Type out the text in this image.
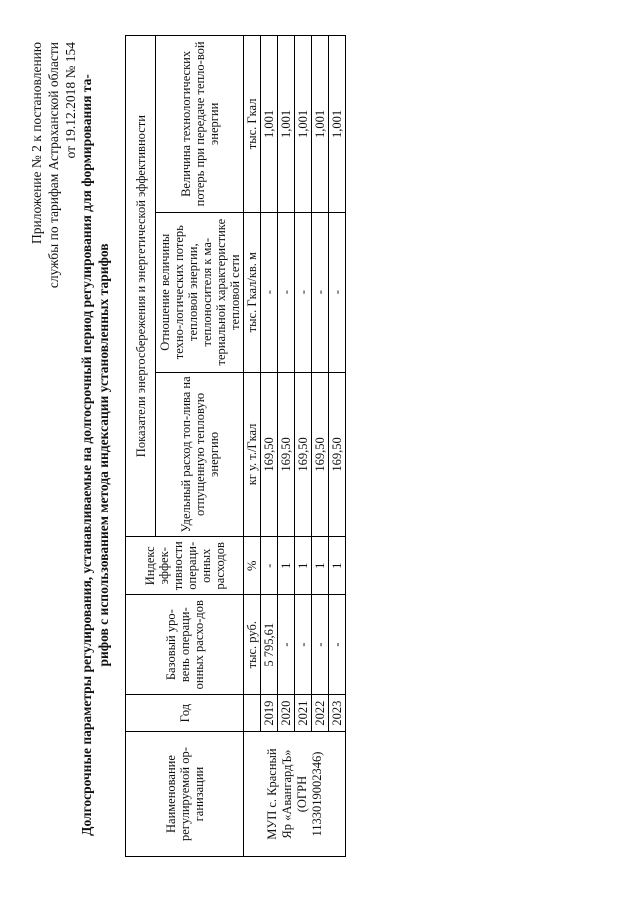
Приложение № 2 к постановлению службы по тарифам Астраханской области от 19.12.2018 № 154 Долгосрочные параметры регулирования, устанавливаемые на долгосрочный период регулирования для формирования та- рифов с использованием метода индексации установленных тарифов
Наименование регулируемой ор-ганизации	Год	Базовый уро-вень операци-онных расхо-дов	Индекс эффек-тивности операци-онных расходов	Показатели энергосбережения и энергетической эффективности		
				Удельный расход топ-лива на отпущенную тепловую энергию	Отношение величины техно-логических потерь тепловой энергии, теплоносителя к ма-териальной характеристике тепловой сети	Величина технологических потерь при передаче тепло-вой энергии

МУП с. Красный Яр «АвангардЪ» (ОГРН 1133019002346)		тыс. руб.	%	кг у. т./Гкал	тыс. Гкал/кв. м	тыс. Гкал
	2019	5 795,61	-	169,50	-	1,001
	2020	-	1	169,50	-	1,001
	2021	-	1	169,50	-	1,001
	2022	-	1	169,50	-	1,001
	2023	-	1	169,50	-	1,001
